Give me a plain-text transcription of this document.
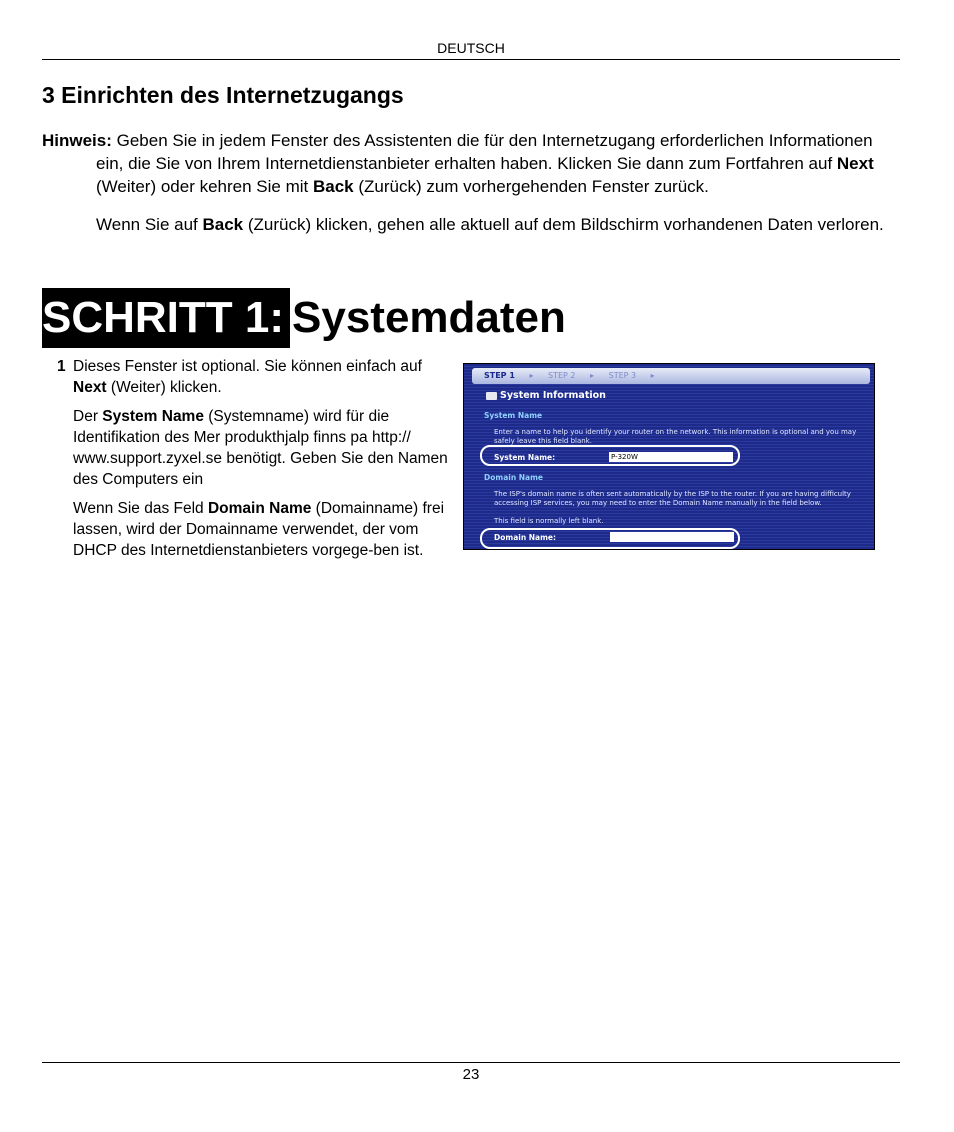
DEUTSCH
3 Einrichten des Internetzugangs

Hinweis: Geben Sie in jedem Fenster des Assistenten die für den Internetzugang erforderlichen Informationen ein, die Sie von Ihrem Internetdienstanbieter erhalten haben. Klicken Sie dann zum Fortfahren auf Next (Weiter) oder kehren Sie mit Back (Zurück) zum vorhergehenden Fenster zurück.

Wenn Sie auf Back (Zurück) klicken, gehen alle aktuell auf dem Bildschirm vorhandenen Daten verloren.

SCHRITT 1: Systemdaten
1 Dieses Fenster ist optional. Sie können einfach auf Next (Weiter) klicken.

Der System Name (Systemname) wird für die Identifikation des Mer produkthjalp finns pa http:// www.support.zyxel.se benötigt. Geben Sie den Namen des Computers ein

Wenn Sie das Feld Domain Name (Domainname) frei lassen, wird der Domainname verwendet, der vom DHCP des Internetdienstanbieters vorgege-ben ist.

STEP 1 ▸ STEP 2 ▸ STEP 3 ▸
System Information
System Name
Enter a name to help you identify your router on the network. This information is optional and you may safely leave this field blank.
System Name:	P-320W
Domain Name
The ISP's domain name is often sent automatically by the ISP to the router. If you are having difficulty accessing ISP services, you may need to enter the Domain Name manually in the field below.
This field is normally left blank.
Domain Name:
23
